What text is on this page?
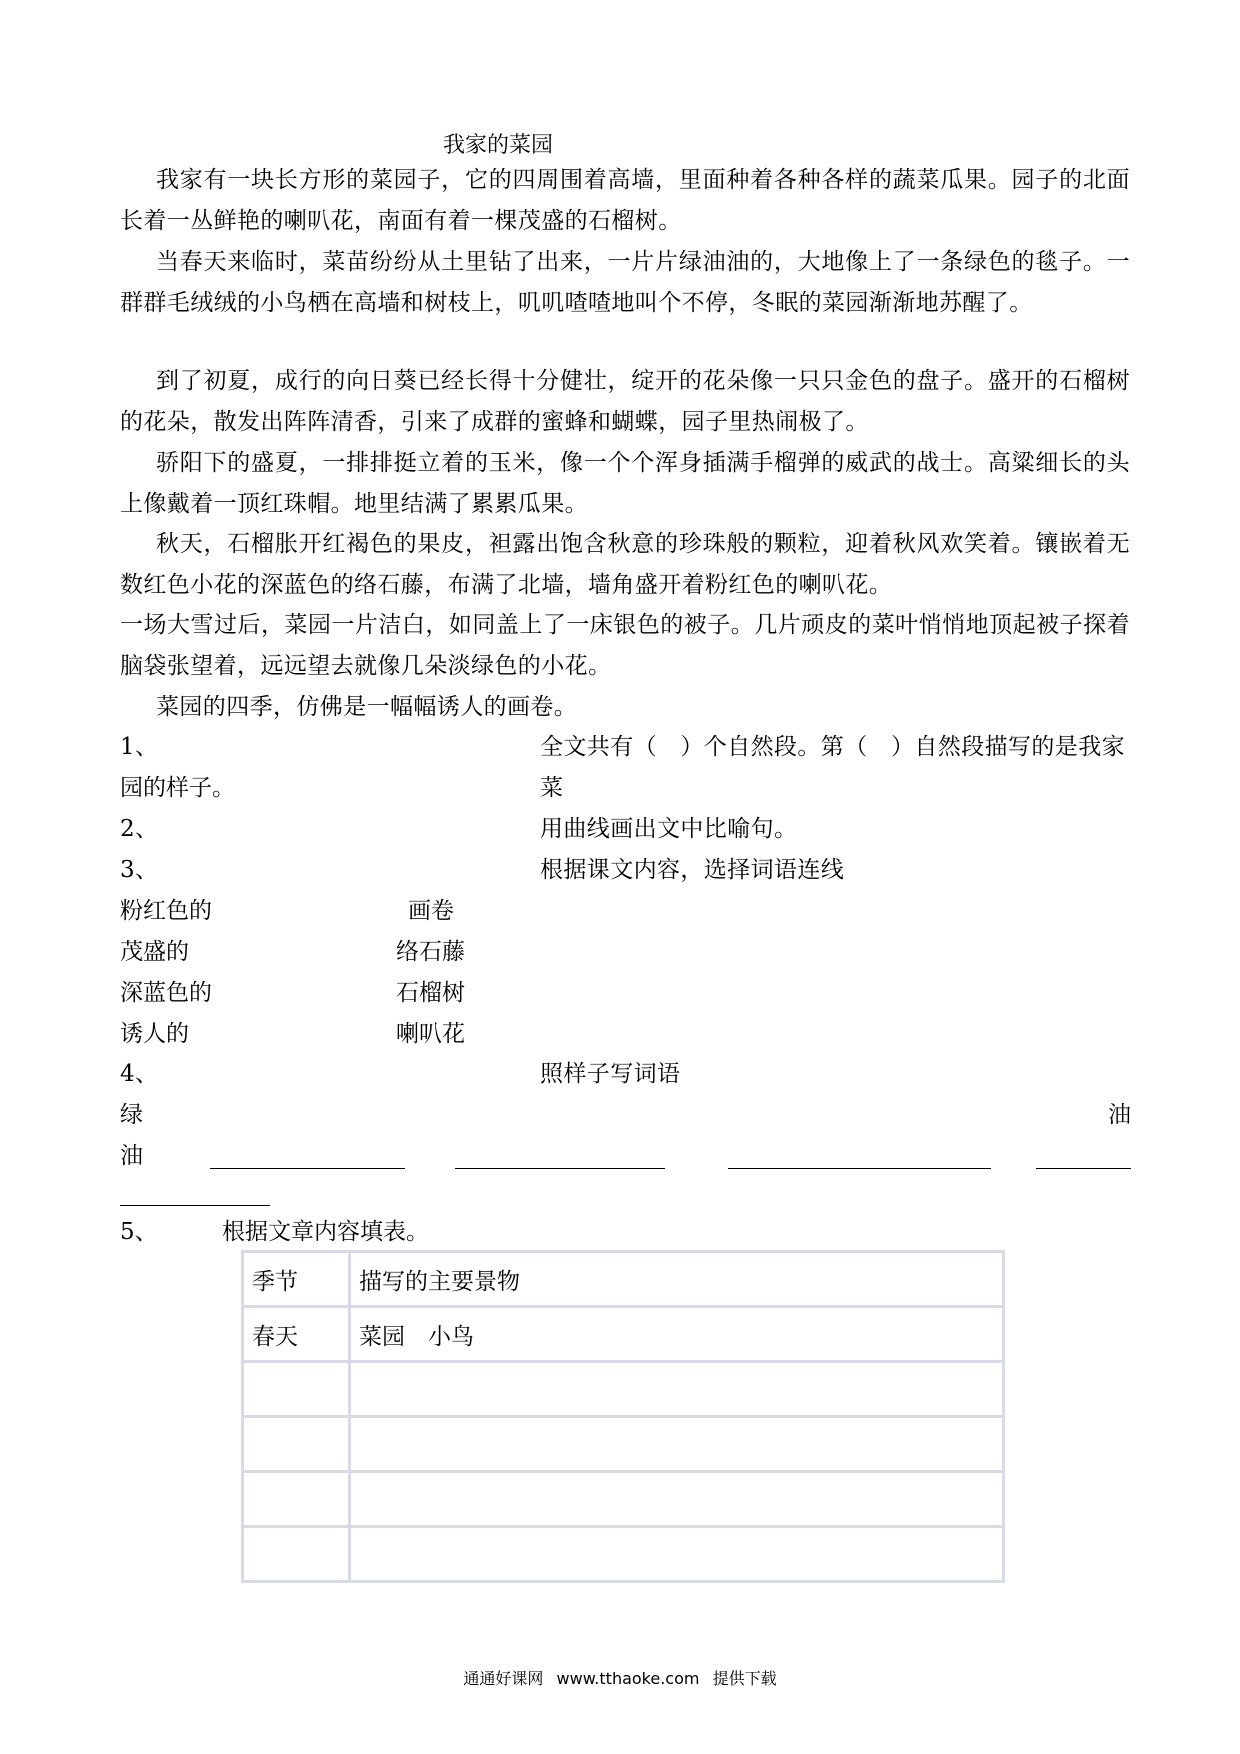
我家的菜园
我家有一块长方形的菜园子，它的四周围着高墙，里面种着各种各样的蔬菜瓜果。园子的北面长着一丛鲜艳的喇叭花，南面有着一棵茂盛的石榴树。
当春天来临时，菜苗纷纷从土里钻了出来，一片片绿油油的，大地像上了一条绿色的毯子。一群群毛绒绒的小鸟栖在高墙和树枝上，叽叽喳喳地叫个不停，冬眠的菜园渐渐地苏醒了。
到了初夏，成行的向日葵已经长得十分健壮，绽开的花朵像一只只金色的盘子。盛开的石榴树的花朵，散发出阵阵清香，引来了成群的蜜蜂和蝴蝶，园子里热闹极了。
骄阳下的盛夏，一排排挺立着的玉米，像一个个浑身插满手榴弹的威武的战士。高粱细长的头上像戴着一顶红珠帽。地里结满了累累瓜果。
秋天，石榴胀开红褐色的果皮，袒露出饱含秋意的珍珠般的颗粒，迎着秋风欢笑着。镶嵌着无数红色小花的深蓝色的络石藤，布满了北墙，墙角盛开着粉红色的喇叭花。
一场大雪过后，菜园一片洁白，如同盖上了一床银色的被子。几片顽皮的菜叶悄悄地顶起被子探着脑袋张望着，远远望去就像几朵淡绿色的小花。
菜园的四季，仿佛是一幅幅诱人的画卷。
1、	全文共有（　）个自然段。第（　）自然段描写的是我家菜
园的样子。
2、	用曲线画出文中比喻句。
3、	根据课文内容，选择词语连线
粉红色的	画卷
茂盛的	络石藤
深蓝色的	石榴树
诱人的	喇叭花
4、	照样子写词语
绿	油
油
5、	根据文章内容填表。
季节	描写的主要景物
春天	菜园　小鸟

通通好课网 www.tthaoke.com 提供下载
